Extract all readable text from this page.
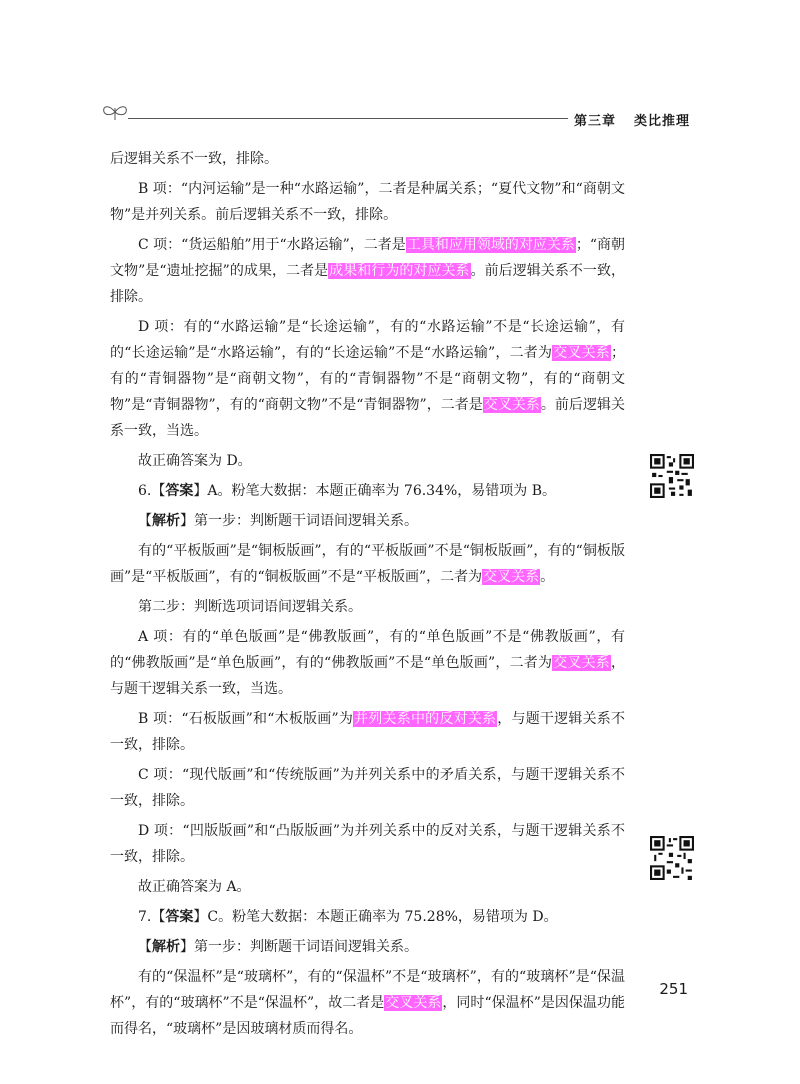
第三章 类比推理

后逻辑关系不一致，排除。

B 项：“内河运输”是一种“水路运输”，二者是种属关系；“夏代文物”和“商朝文物”是并列关系。前后逻辑关系不一致，排除。

C 项：“货运船舶”用于“水路运输”，二者是工具和应用领域的对应关系；“商朝文物”是“遗址挖掘”的成果，二者是成果和行为的对应关系。前后逻辑关系不一致，排除。

D 项：有的“水路运输”是“长途运输”，有的“水路运输”不是“长途运输”，有的“长途运输”是“水路运输”，有的“长途运输”不是“水路运输”，二者为交叉关系；有的“青铜器物”是“商朝文物”，有的“青铜器物”不是“商朝文物”，有的“商朝文物”是“青铜器物”，有的“商朝文物”不是“青铜器物”，二者是交叉关系。前后逻辑关系一致，当选。

故正确答案为 D。

6.【答案】A。粉笔大数据：本题正确率为 76.34%，易错项为 B。

【解析】第一步：判断题干词语间逻辑关系。

有的“平板版画”是“铜板版画”，有的“平板版画”不是“铜板版画”，有的“铜板版画”是“平板版画”，有的“铜板版画”不是“平板版画”，二者为交叉关系。

第二步：判断选项词语间逻辑关系。

A 项：有的“单色版画”是“佛教版画”，有的“单色版画”不是“佛教版画”，有的“佛教版画”是“单色版画”，有的“佛教版画”不是“单色版画”，二者为交叉关系，与题干逻辑关系一致，当选。

B 项：“石板版画”和“木板版画”为并列关系中的反对关系，与题干逻辑关系不一致，排除。

C 项：“现代版画”和“传统版画”为并列关系中的矛盾关系，与题干逻辑关系不一致，排除。

D 项：“凹版版画”和“凸版版画”为并列关系中的反对关系，与题干逻辑关系不一致，排除。

故正确答案为 A。

7.【答案】C。粉笔大数据：本题正确率为 75.28%，易错项为 D。

【解析】第一步：判断题干词语间逻辑关系。

有的“保温杯”是“玻璃杯”，有的“保温杯”不是“玻璃杯”，有的“玻璃杯”是“保温杯”，有的“玻璃杯”不是“保温杯”，故二者是交叉关系，同时“保温杯”是因保温功能而得名，“玻璃杯”是因玻璃材质而得名。

251
